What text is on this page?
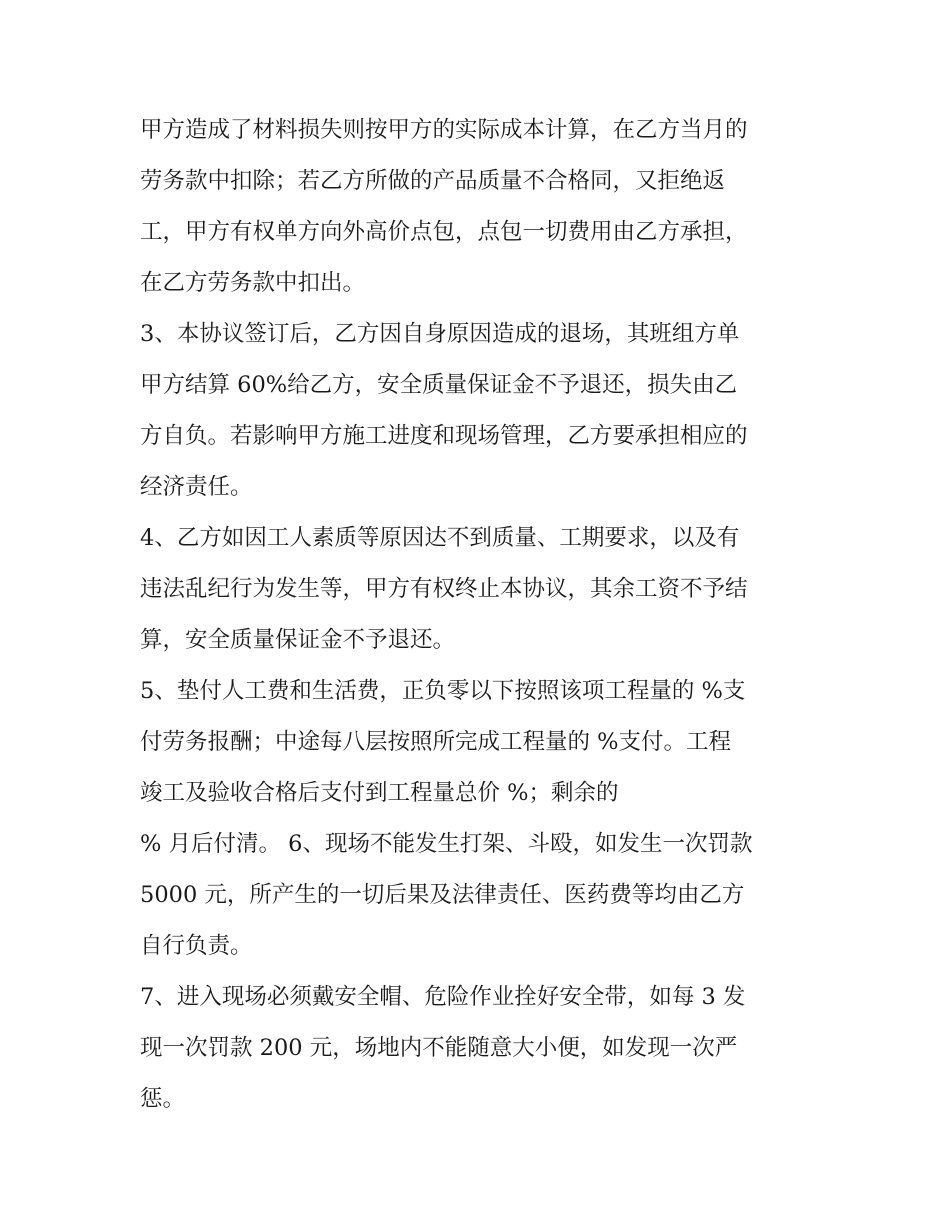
甲方造成了材料损失则按甲方的实际成本计算，在乙方当月的
劳务款中扣除；若乙方所做的产品质量不合格同，又拒绝返
工，甲方有权单方向外高价点包，点包一切费用由乙方承担，
在乙方劳务款中扣出。
3、本协议签订后，乙方因自身原因造成的退场，其班组方单
甲方结算 60%给乙方，安全质量保证金不予退还，损失由乙
方自负。若影响甲方施工进度和现场管理，乙方要承担相应的
经济责任。
4、乙方如因工人素质等原因达不到质量、工期要求，以及有
违法乱纪行为发生等，甲方有权终止本协议，其余工资不予结
算，安全质量保证金不予退还。
5、垫付人工费和生活费，正负零以下按照该项工程量的 %支
付劳务报酬；中途每八层按照所完成工程量的 %支付。工程
竣工及验收合格后支付到工程量总价 %；剩余的
% 月后付清。 6、现场不能发生打架、斗殴，如发生一次罚款
5000 元，所产生的一切后果及法律责任、医药费等均由乙方
自行负责。
7、进入现场必须戴安全帽、危险作业拴好安全带，如每 3 发
现一次罚款 200 元，场地内不能随意大小便，如发现一次严
惩。
